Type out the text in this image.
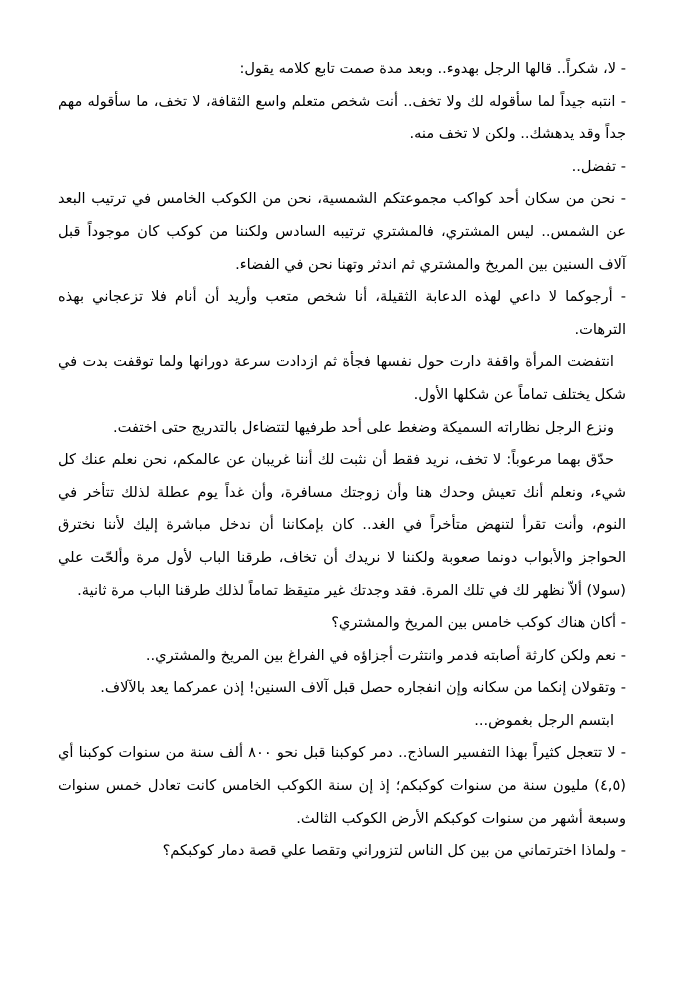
- لا، شكراً.. قالها الرجل بهدوء.. وبعد مدة صمت تابع كلامه يقول:

- انتبه جيداً لما سأقوله لك ولا تخف.. أنت شخص متعلم واسع الثقافة، لا تخف، ما سأقوله مهم جداً وقد يدهشك.. ولكن لا تخف منه.

- تفضل..

- نحن من سكان أحد كواكب مجموعتكم الشمسية، نحن من الكوكب الخامس في ترتيب البعد عن الشمس.. ليس المشتري، فالمشتري ترتيبه السادس ولكننا من كوكب كان موجوداً قبل آلاف السنين بين المريخ والمشتري ثم اندثر وتهنا نحن في الفضاء.

- أرجوكما لا داعي لهذه الدعابة الثقيلة، أنا شخص متعب وأريد أن أنام فلا تزعجاني بهذه الترهات.

انتفضت المرأة واقفة دارت حول نفسها فجأة ثم ازدادت سرعة دورانها ولما توقفت بدت في شكل يختلف تماماً عن شكلها الأول.

ونزع الرجل نظاراته السميكة وضغط على أحد طرفيها لتتضاءل بالتدريج حتى اختفت.

حدّق بهما مرعوباً: لا تخف، نريد فقط أن نثبت لك أننا غريبان عن عالمكم، نحن نعلم عنك كل شيء، ونعلم أنك تعيش وحدك هنا وأن زوجتك مسافرة، وأن غداً يوم عطلة لذلك تتأخر في النوم، وأنت تقرأ لتنهض متأخراً في الغد.. كان بإمكاننا أن ندخل مباشرة إليك لأننا نخترق الحواجز والأبواب دونما صعوبة ولكننا لا نريدك أن تخاف، طرقنا الباب لأول مرة وألحّت علي (سولا) ألاّ نظهر لك في تلك المرة. فقد وجدتك غير متيقظ تماماً لذلك طرقنا الباب مرة ثانية.

- أكان هناك كوكب خامس بين المريخ والمشتري؟

- نعم ولكن كارثة أصابته فدمر وانتثرت أجزاؤه في الفراغ بين المريخ والمشتري..

- وتقولان إنكما من سكانه وإن انفجاره حصل قبل آلاف السنين! إذن عمركما يعد بالآلاف.

ابتسم الرجل بغموض...

- لا تتعجل كثيراً بهذا التفسير الساذج.. دمر كوكبنا قبل نحو ٨٠٠ ألف سنة من سنوات كوكبنا أي (٤,٥) مليون سنة من سنوات كوكبكم؛ إذ إن سنة الكوكب الخامس كانت تعادل خمس سنوات وسبعة أشهر من سنوات كوكبكم الأرض الكوكب الثالث.

- ولماذا اخترتماني من بين كل الناس لتزوراني وتقصا علي قصة دمار كوكبكم؟
